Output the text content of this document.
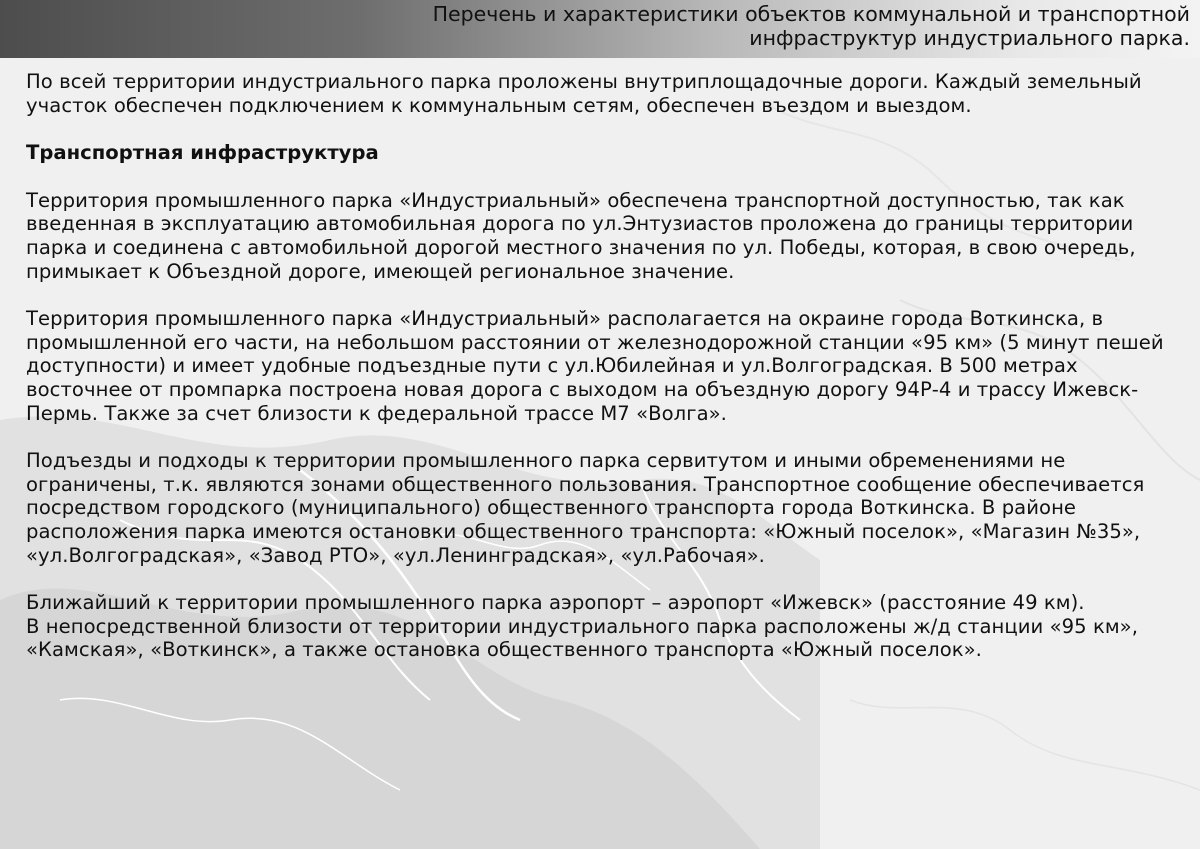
Перечень и характеристики объектов коммунальной и транспортной
инфраструктур индустриального парка.

По всей территории индустриального парка проложены внутриплощадочные дороги. Каждый земельный участок обеспечен подключением к коммунальным сетям, обеспечен въездом и выездом.

Транспортная инфраструктура

Территория промышленного парка «Индустриальный» обеспечена транспортной доступностью, так как введенная в эксплуатацию автомобильная дорога по ул.Энтузиастов проложена до границы территории парка и соединена с автомобильной дорогой местного значения по ул. Победы, которая, в свою очередь, примыкает к Объездной дороге, имеющей региональное значение.

Территория промышленного парка «Индустриальный» располагается на окраине города Воткинска, в промышленной его части, на небольшом расстоянии от железнодорожной станции «95 км» (5 минут пешей доступности) и имеет удобные подъездные пути с ул.Юбилейная и ул.Волгоградская. В 500 метрах восточнее от промпарка построена новая дорога с выходом на объездную дорогу 94Р-4 и трассу Ижевск-Пермь. Также за счет близости к федеральной трассе М7 «Волга».

Подъезды и подходы к территории промышленного парка сервитутом и иными обременениями не ограничены, т.к. являются зонами общественного пользования. Транспортное сообщение обеспечивается посредством городского (муниципального) общественного транспорта города Воткинска. В районе расположения парка имеются остановки общественного транспорта: «Южный поселок», «Магазин №35», «ул.Волгоградская», «Завод РТО», «ул.Ленинградская», «ул.Рабочая».

Ближайший к территории промышленного парка аэропорт – аэропорт «Ижевск» (расстояние 49 км).

В непосредственной близости от территории индустриального парка расположены ж/д станции «95 км», «Камская», «Воткинск», а также остановка общественного транспорта «Южный поселок».
